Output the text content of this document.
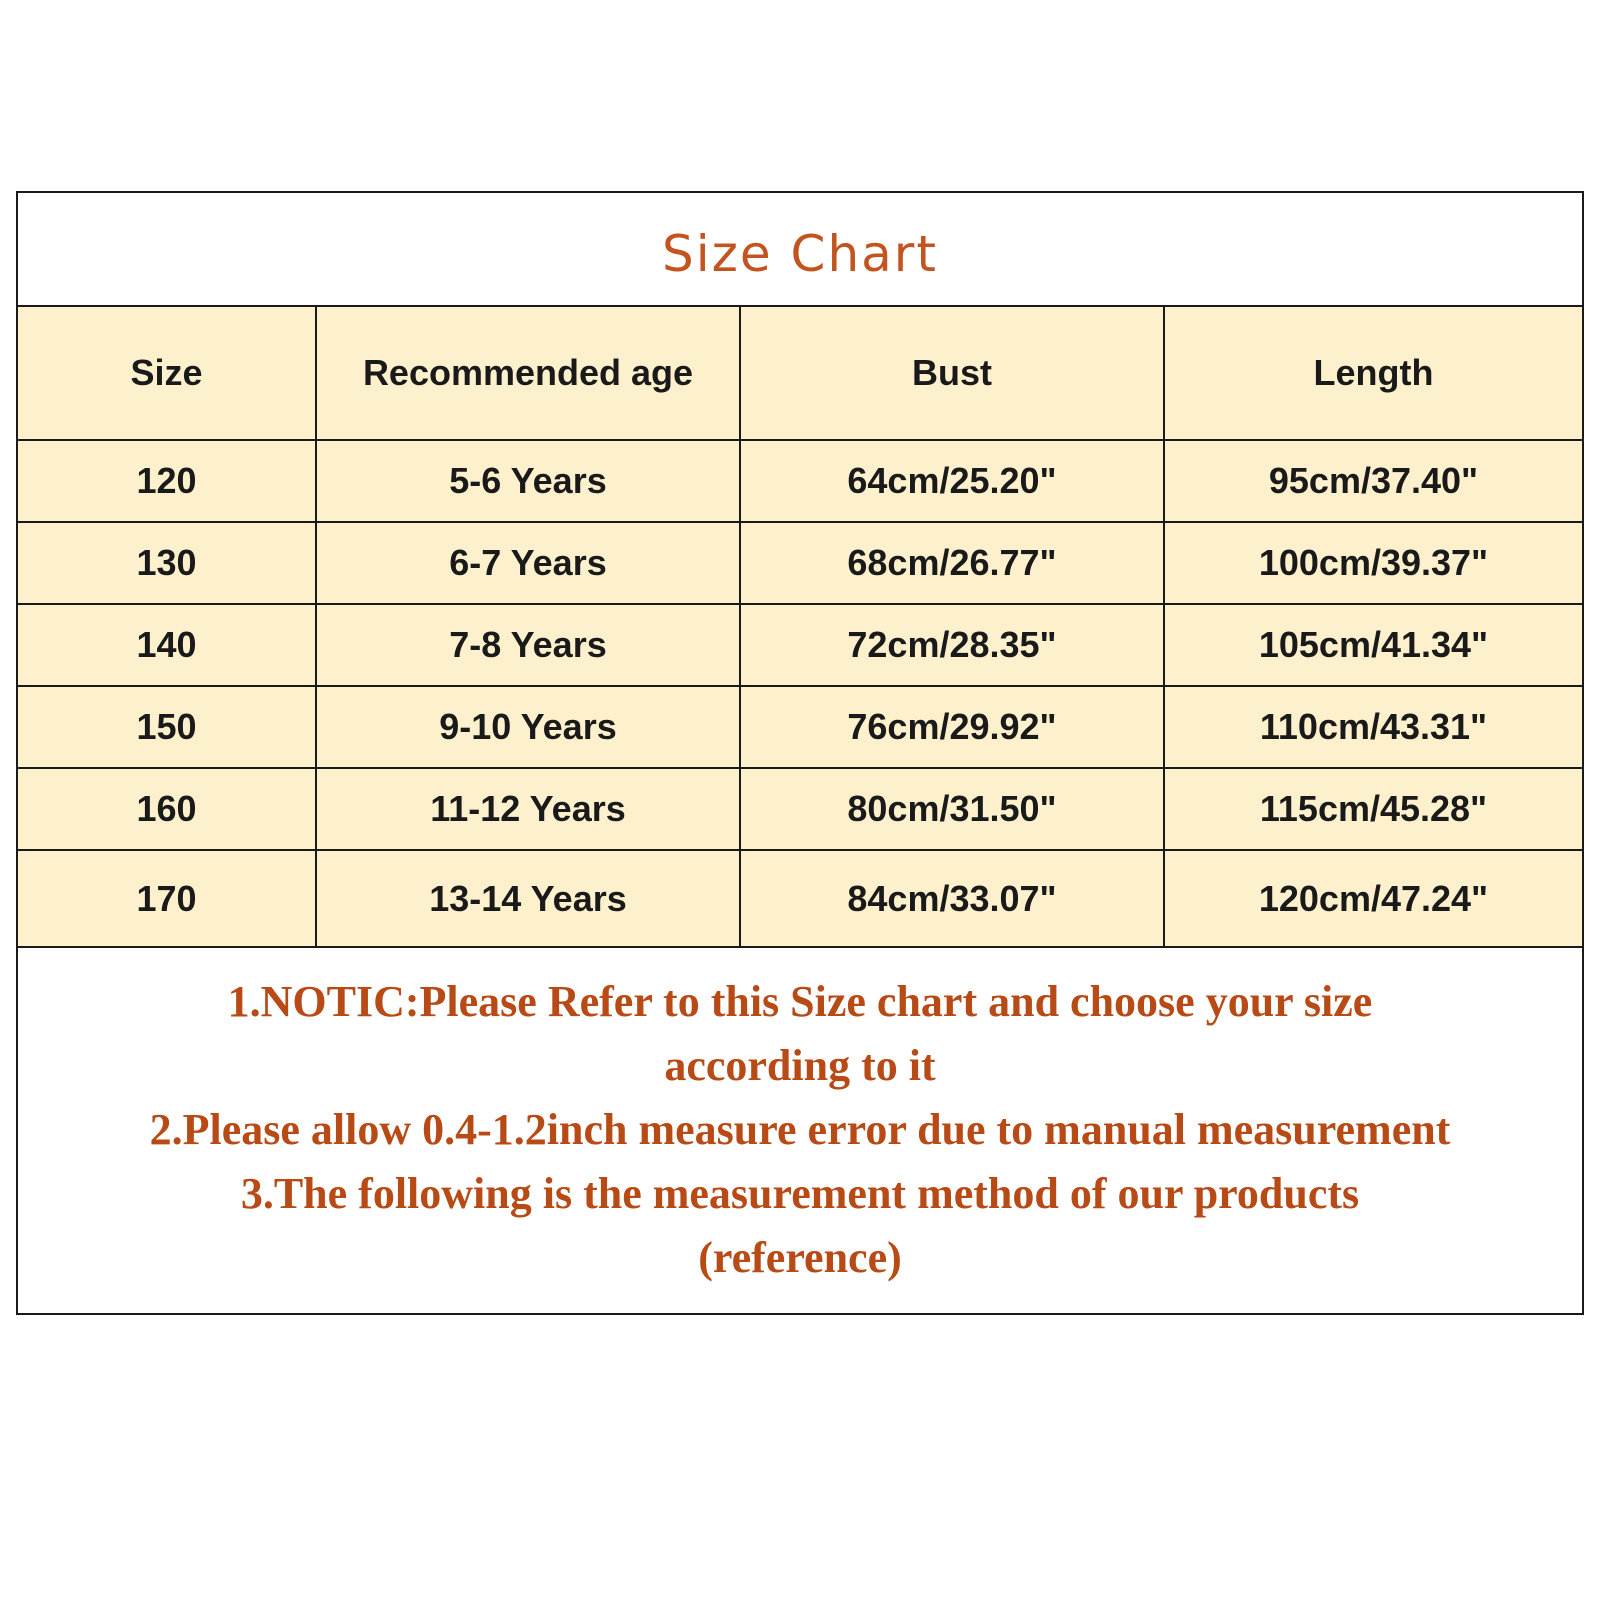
Size Chart
Size	Recommended age	Bust	Length
120	5-6 Years	64cm/25.20"	95cm/37.40"
130	6-7 Years	68cm/26.77"	100cm/39.37"
140	7-8 Years	72cm/28.35"	105cm/41.34"
150	9-10 Years	76cm/29.92"	110cm/43.31"
160	11-12 Years	80cm/31.50"	115cm/45.28"
170	13-14 Years	84cm/33.07"	120cm/47.24"
1.NOTIC:Please Refer to this Size chart and choose your size
according to it
2.Please allow 0.4-1.2inch measure error due to manual measurement
3.The following is the measurement method of our products
(reference)
